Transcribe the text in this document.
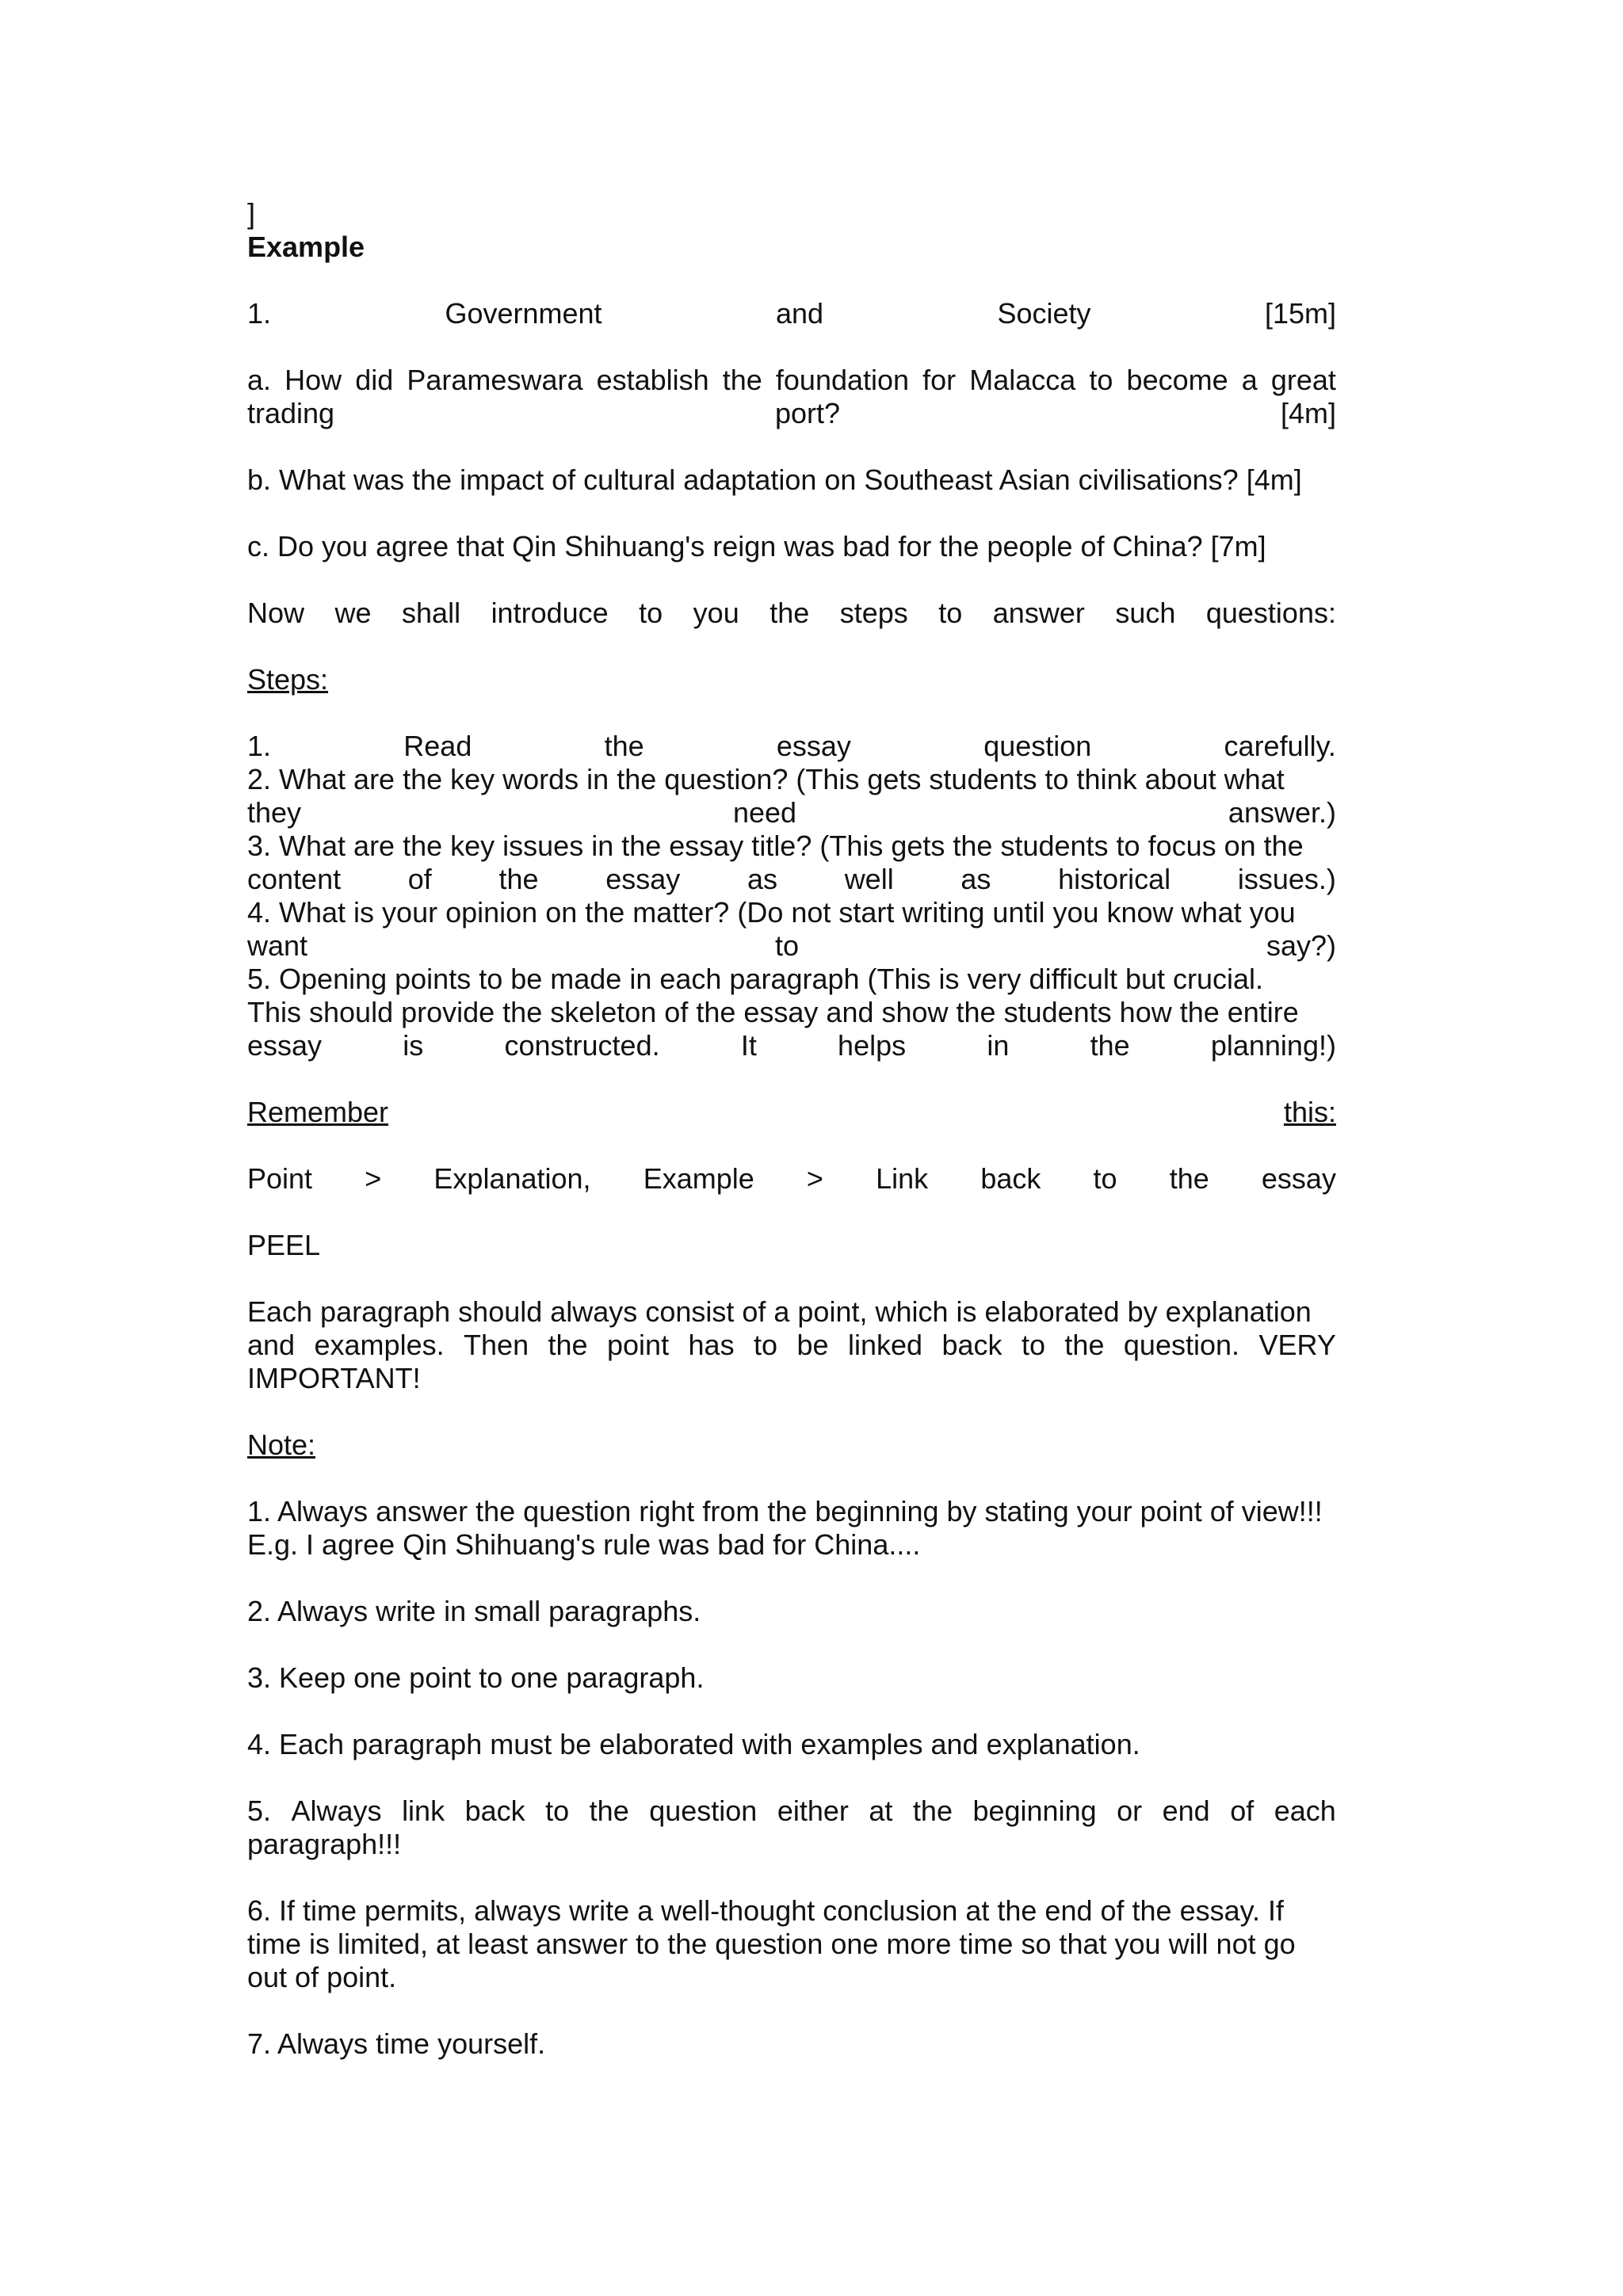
]
Example
1.	Government	and	Society	[15m]
a. How did Parameswara establish the foundation for Malacca to become a great
trading	port?	[4m]
b. What was the impact of cultural adaptation on Southeast Asian civilisations? [4m]
c. Do you agree that Qin Shihuang's reign was bad for the people of China? [7m]
Now we shall introduce to you the steps to answer such questions:
Steps:
1.	Read	the	essay	question	carefully.
2. What are the key words in the question? (This gets students to think about what
they	need	answer.)
3. What are the key issues in the essay title? (This gets the students to focus on the
content of the essay as well as historical issues.)
4. What is your opinion on the matter? (Do not start writing until you know what you
want	to	say?)
5. Opening points to be made in each paragraph (This is very difficult but crucial.
This should provide the skeleton of the essay and show the students how the entire
essay	is	constructed.	It	helps	in	the	planning!)
Remember	this:
Point > Explanation, Example > Link back to the essay
PEEL
Each paragraph should always consist of a point, which is elaborated by explanation
and examples. Then the point has to be linked back to the question. VERY
IMPORTANT!
Note:
1. Always answer the question right from the beginning by stating your point of view!!!
E.g. I agree Qin Shihuang's rule was bad for China....
2. Always write in small paragraphs.
3. Keep one point to one paragraph.
4. Each paragraph must be elaborated with examples and explanation.
5. Always link back to the question either at the beginning or end of each
paragraph!!!
6. If time permits, always write a well-thought conclusion at the end of the essay. If
time is limited, at least answer to the question one more time so that you will not go
out of point.
7. Always time yourself.
